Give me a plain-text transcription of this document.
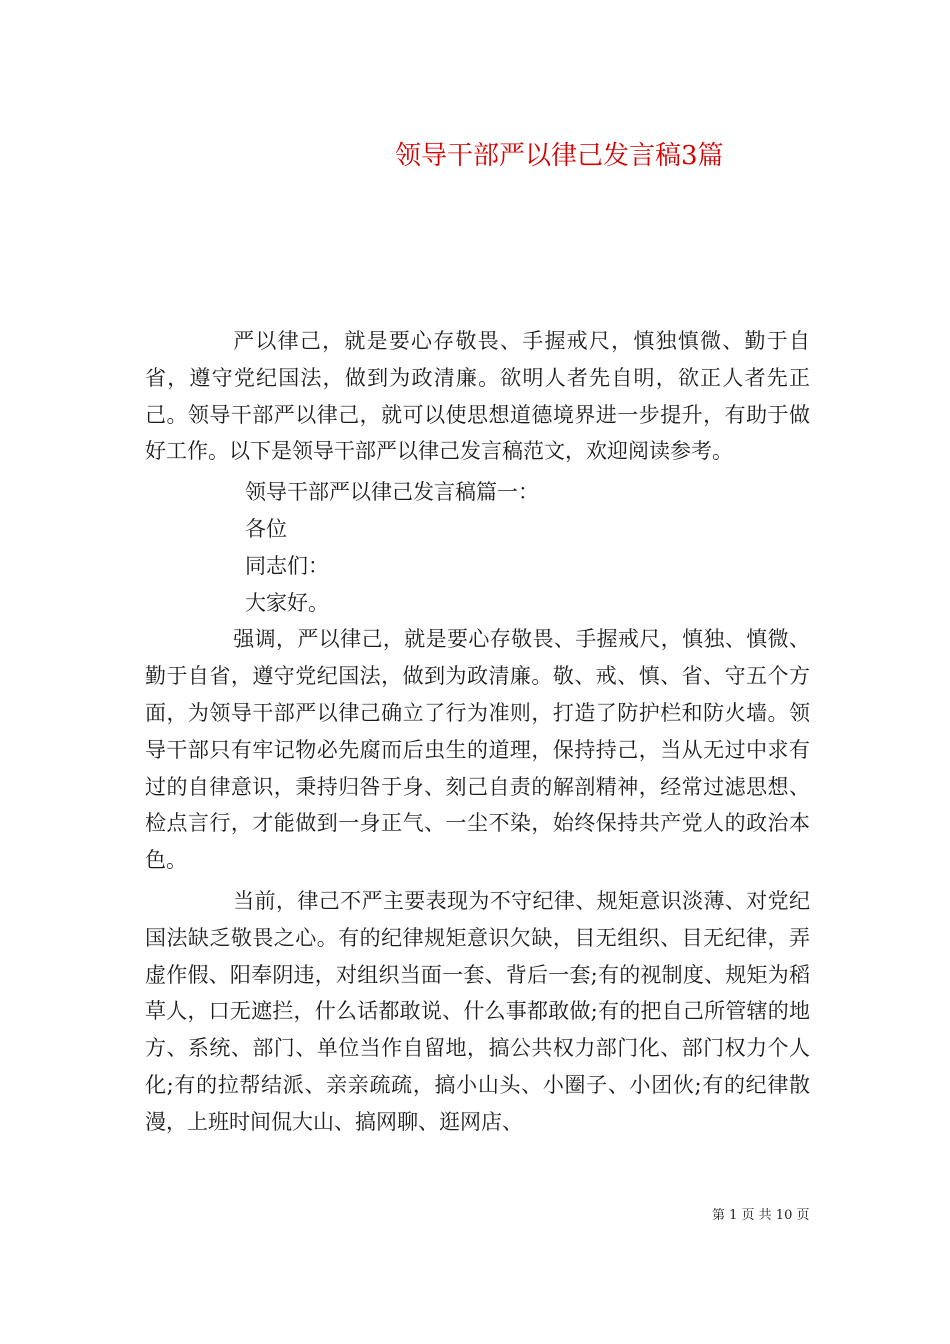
领导干部严以律己发言稿3篇

严以律己，就是要心存敬畏、手握戒尺，慎独慎微、勤于自省，遵守党纪国法，做到为政清廉。欲明人者先自明，欲正人者先正己。领导干部严以律己，就可以使思想道德境界进一步提升，有助于做好工作。以下是领导干部严以律己发言稿范文，欢迎阅读参考。

领导干部严以律己发言稿篇一：

各位

同志们：

大家好。

强调，严以律己，就是要心存敬畏、手握戒尺，慎独、慎微、勤于自省，遵守党纪国法，做到为政清廉。敬、戒、慎、省、守五个方面，为领导干部严以律己确立了行为准则，打造了防护栏和防火墙。领导干部只有牢记物必先腐而后虫生的道理，保持持己，当从无过中求有过的自律意识，秉持归咎于身、刻己自责的解剖精神，经常过滤思想、检点言行，才能做到一身正气、一尘不染，始终保持共产党人的政治本色。

当前，律己不严主要表现为不守纪律、规矩意识淡薄、对党纪国法缺乏敬畏之心。有的纪律规矩意识欠缺，目无组织、目无纪律，弄虚作假、阳奉阴违，对组织当面一套、背后一套;有的视制度、规矩为稻草人，口无遮拦，什么话都敢说、什么事都敢做;有的把自己所管辖的地方、系统、部门、单位当作自留地，搞公共权力部门化、部门权力个人化;有的拉帮结派、亲亲疏疏，搞小山头、小圈子、小团伙;有的纪律散漫，上班时间侃大山、搞网聊、逛网店、

第 1 页 共 10 页
